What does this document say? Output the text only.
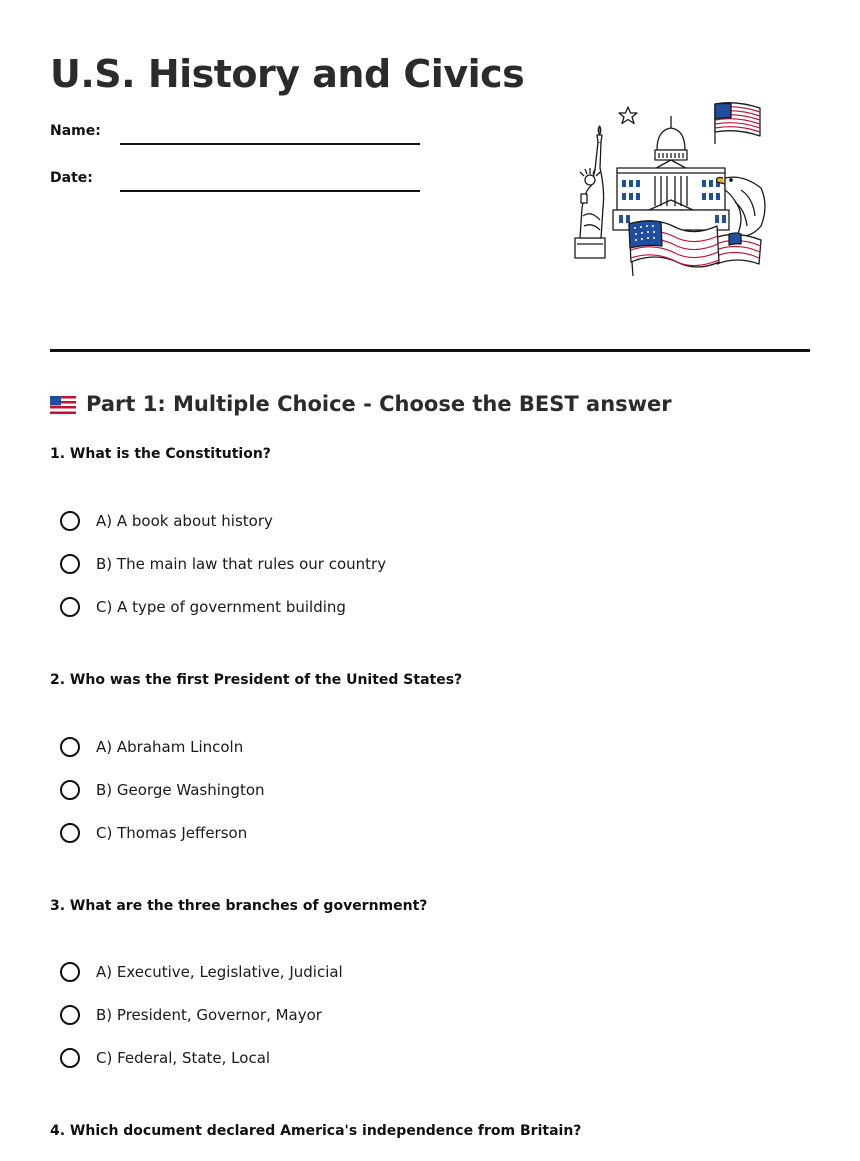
U.S. History and Civics
Name:
Date:
Part 1: Multiple Choice - Choose the BEST answer
1. What is the Constitution?
A) A book about history
B) The main law that rules our country
C) A type of government building
2. Who was the first President of the United States?
A) Abraham Lincoln
B) George Washington
C) Thomas Jefferson
3. What are the three branches of government?
A) Executive, Legislative, Judicial
B) President, Governor, Mayor
C) Federal, State, Local
4. Which document declared America's independence from Britain?
